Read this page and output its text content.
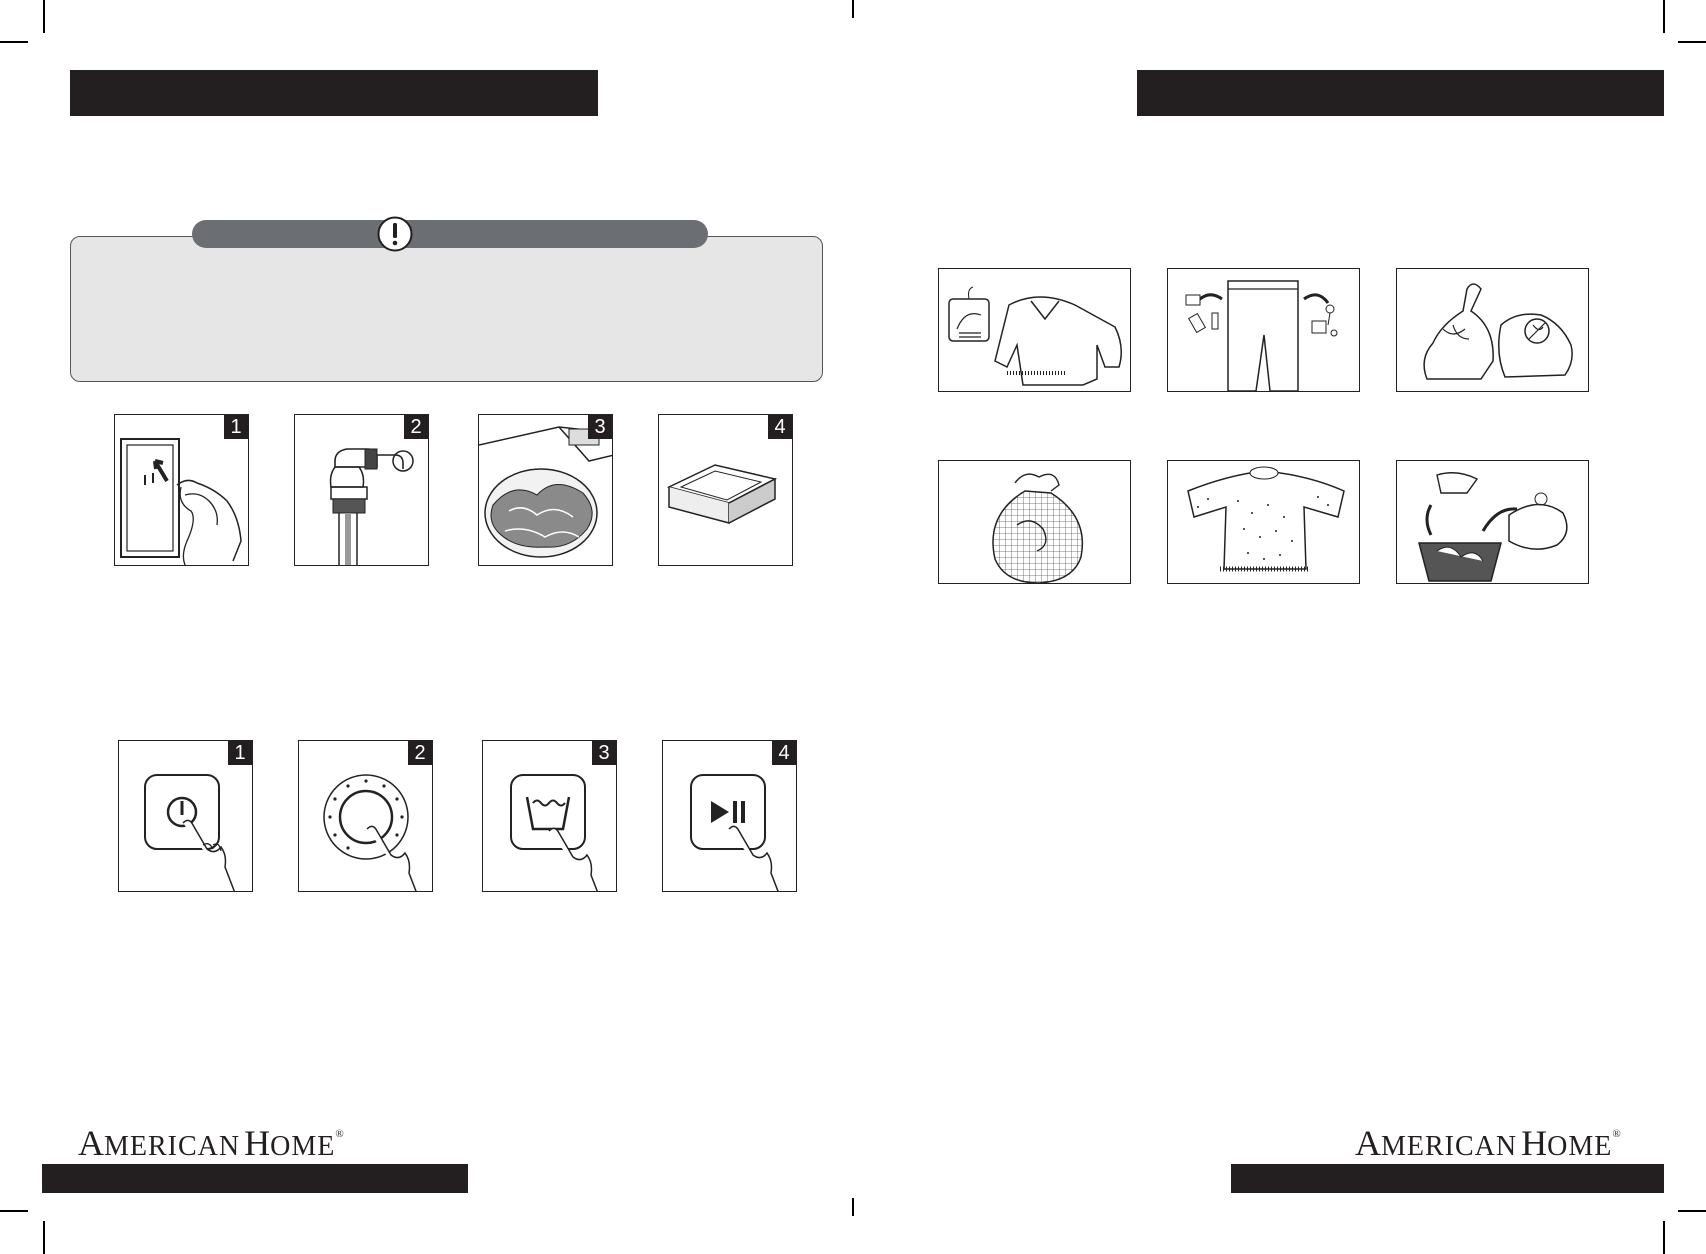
1	2	3	4
1	2	3	4
AMERICAN HOME®	AMERICAN HOME®
